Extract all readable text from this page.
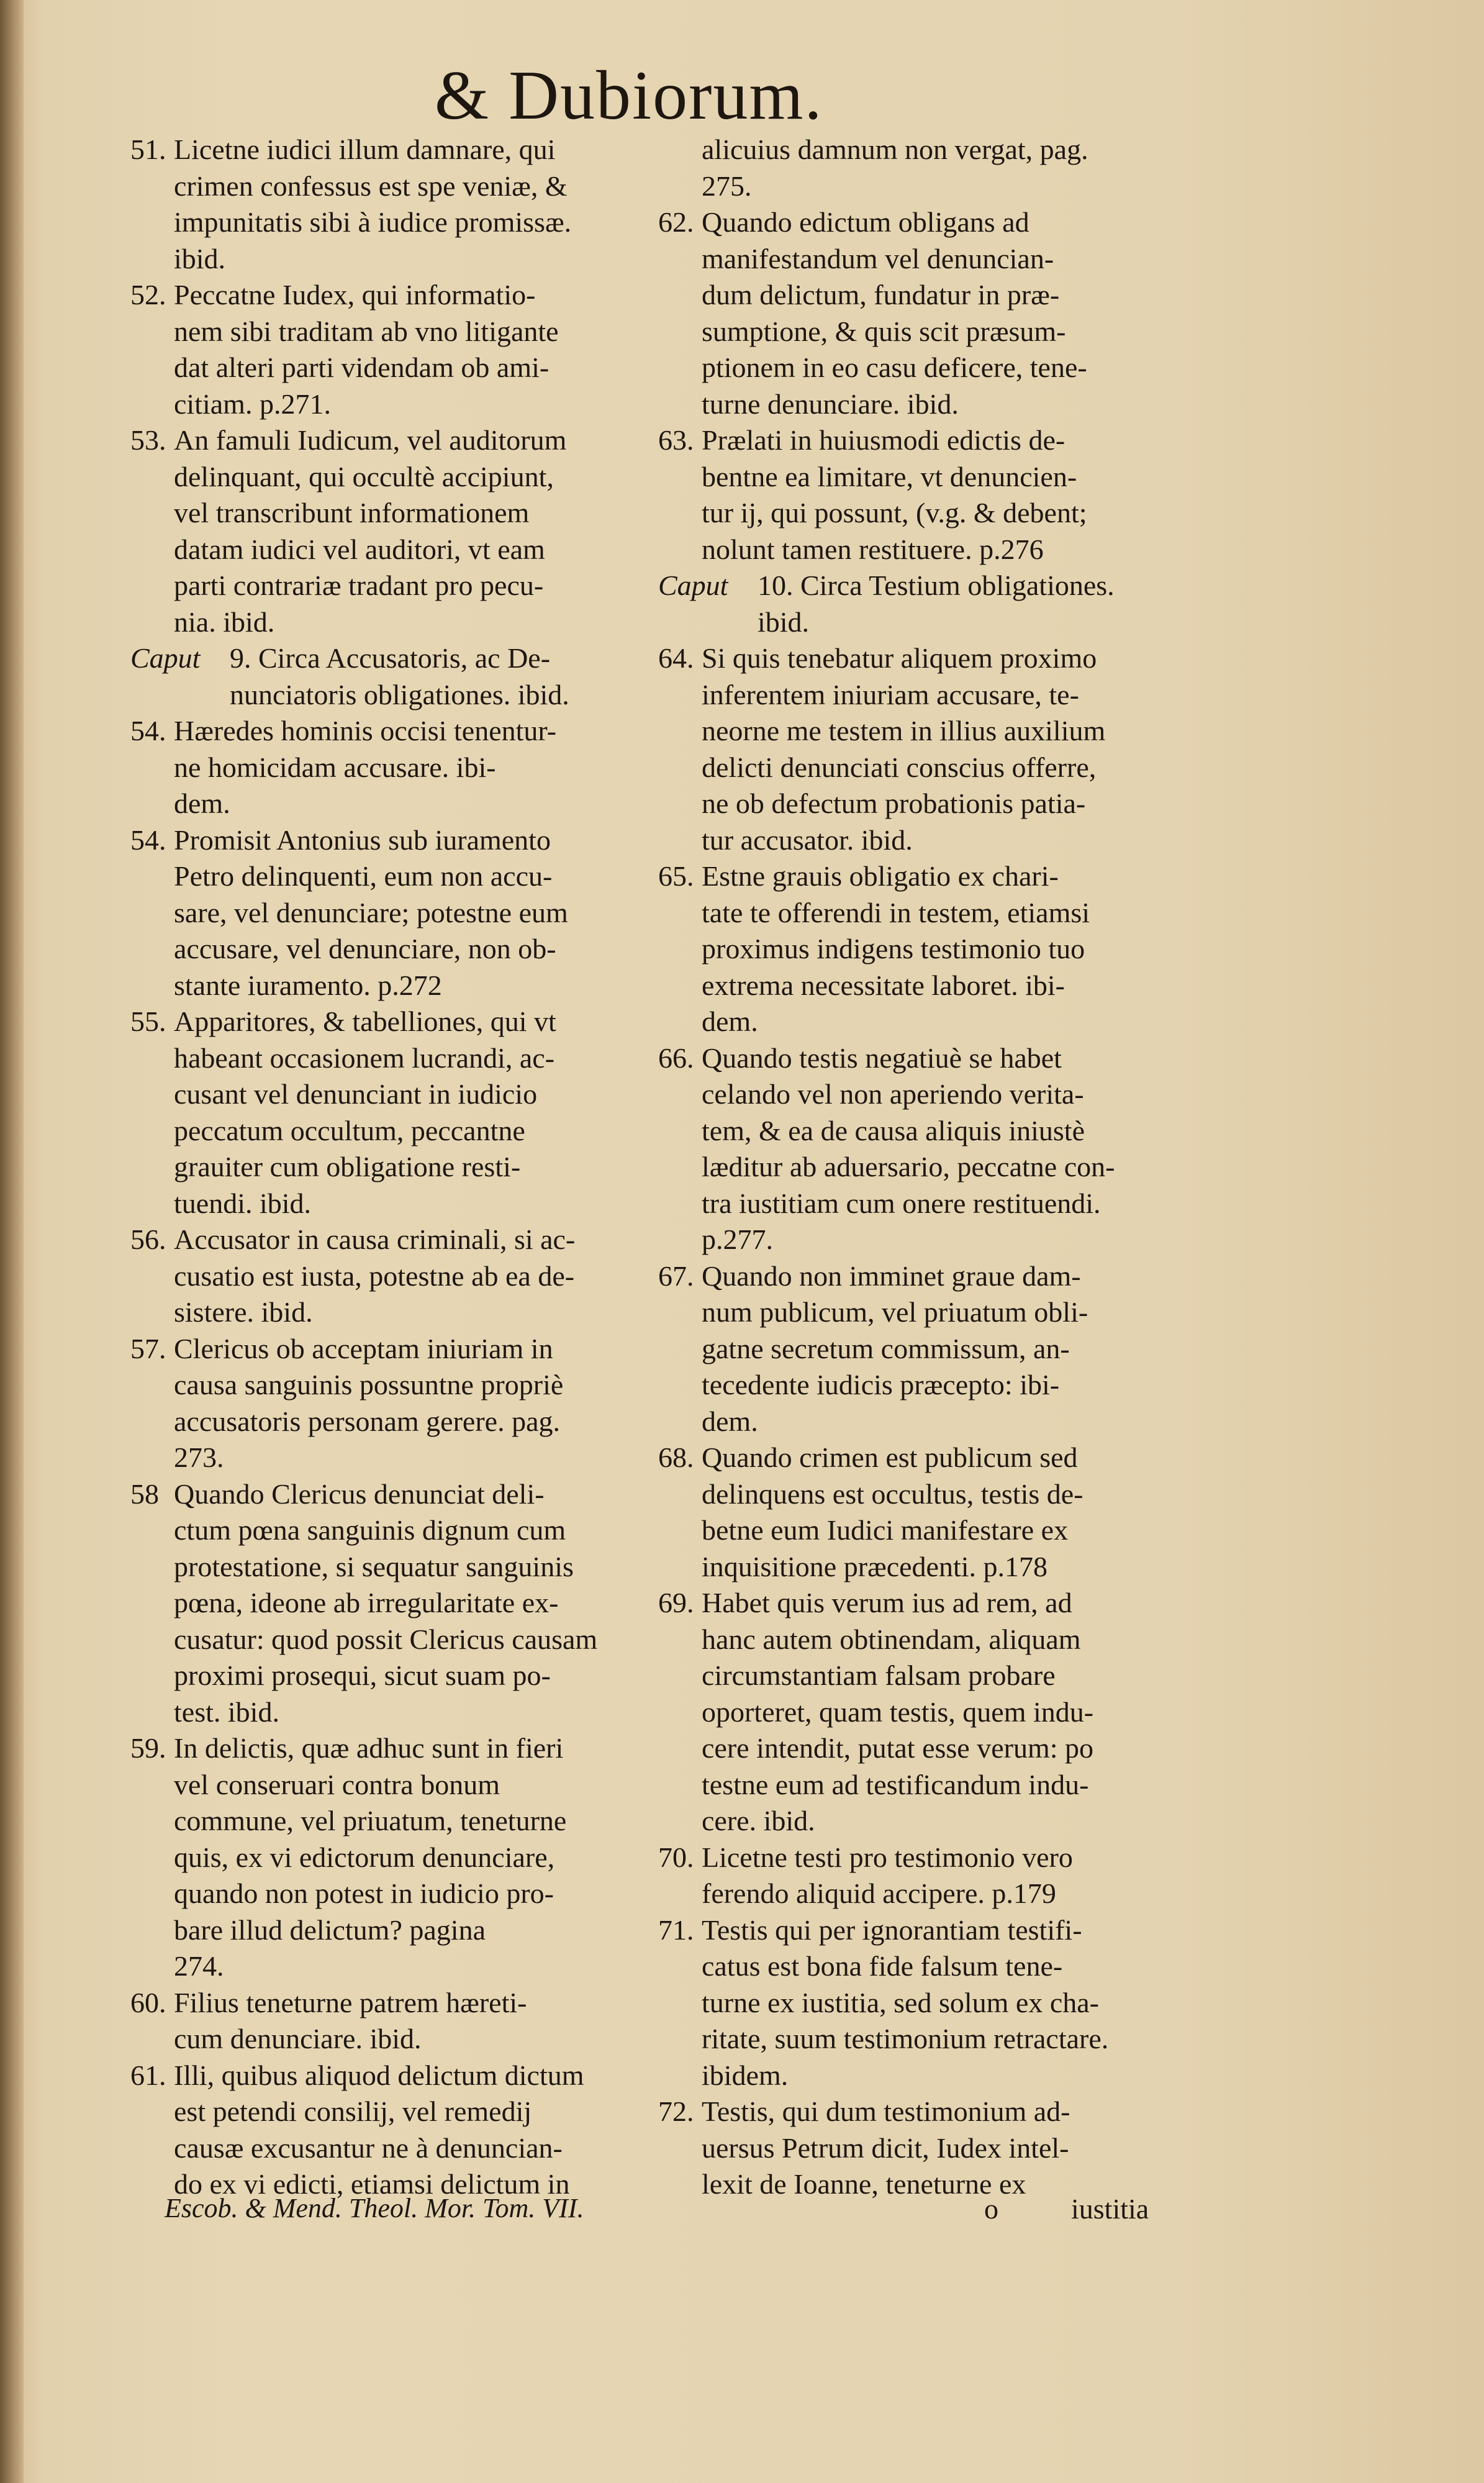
& Dubiorum.
51. Licetne iudici illum damnare, qui
crimen confessus est spe veniæ, &
impunitatis sibi à iudice promissæ.
ibid.
52. Peccatne Iudex, qui informatio-
nem sibi traditam ab vno litigante
dat alteri parti videndam ob ami-
citiam. p.271.
53. An famuli Iudicum, vel auditorum
delinquant, qui occultè accipiunt,
vel transcribunt informationem
datam iudici vel auditori, vt eam
parti contrariæ tradant pro pecu-
nia. ibid.
Caput 9. Circa Accusatoris, ac De-
nunciatoris obligationes. ibid.
54. Hæredes hominis occisi tenentur-
ne homicidam accusare. ibi-
dem.
54. Promisit Antonius sub iuramento
Petro delinquenti, eum non accu-
sare, vel denunciare; potestne eum
accusare, vel denunciare, non ob-
stante iuramento. p.272
55. Apparitores, & tabelliones, qui vt
habeant occasionem lucrandi, ac-
cusant vel denunciant in iudicio
peccatum occultum, peccantne
grauiter cum obligatione resti-
tuendi. ibid.
56. Accusator in causa criminali, si ac-
cusatio est iusta, potestne ab ea de-
sistere. ibid.
57. Clericus ob acceptam iniuriam in
causa sanguinis possuntne propriè
accusatoris personam gerere. pag.
273.
58 Quando Clericus denunciat deli-
ctum pœna sanguinis dignum cum
protestatione, si sequatur sanguinis
pœna, ideone ab irregularitate ex-
cusatur: quod possit Clericus causam
proximi prosequi, sicut suam po-
test. ibid.
59. In delictis, quæ adhuc sunt in fieri
vel conseruari contra bonum
commune, vel priuatum, teneturne
quis, ex vi edictorum denunciare,
quando non potest in iudicio pro-
bare illud delictum? pagina
274.
60. Filius teneturne patrem hæreti-
cum denunciare. ibid.
61. Illi, quibus aliquod delictum dictum
est petendi consilij, vel remedij
causæ excusantur ne à denuncian-
do ex vi edicti, etiamsi delictum in
alicuius damnum non vergat, pag.
275.
62. Quando edictum obligans ad
manifestandum vel denuncian-
dum delictum, fundatur in præ-
sumptione, & quis scit præsum-
ptionem in eo casu deficere, tene-
turne denunciare. ibid.
63. Prælati in huiusmodi edictis de-
bentne ea limitare, vt denuncien-
tur ij, qui possunt, (v.g. & debent;
nolunt tamen restituere. p.276
Caput 10. Circa Testium obligationes.
ibid.
64. Si quis tenebatur aliquem proximo
inferentem iniuriam accusare, te-
neorne me testem in illius auxilium
delicti denunciati conscius offerre,
ne ob defectum probationis patia-
tur accusator. ibid.
65. Estne grauis obligatio ex chari-
tate te offerendi in testem, etiamsi
proximus indigens testimonio tuo
extrema necessitate laboret. ibi-
dem.
66. Quando testis negatiuè se habet
celando vel non aperiendo verita-
tem, & ea de causa aliquis iniustè
læditur ab aduersario, peccatne con-
tra iustitiam cum onere restituendi.
p.277.
67. Quando non imminet graue dam-
num publicum, vel priuatum obli-
gatne secretum commissum, an-
tecedente iudicis præcepto: ibi-
dem.
68. Quando crimen est publicum sed
delinquens est occultus, testis de-
betne eum Iudici manifestare ex
inquisitione præcedenti. p.178
69. Habet quis verum ius ad rem, ad
hanc autem obtinendam, aliquam
circumstantiam falsam probare
oporteret, quam testis, quem indu-
cere intendit, putat esse verum: po
testne eum ad testificandum indu-
cere. ibid.
70. Licetne testi pro testimonio vero
ferendo aliquid accipere. p.179
71. Testis qui per ignorantiam testifi-
catus est bona fide falsum tene-
turne ex iustitia, sed solum ex cha-
ritate, suum testimonium retractare.
ibidem.
72. Testis, qui dum testimonium ad-
uersus Petrum dicit, Iudex intel-
lexit de Ioanne, teneturne ex
Escob. & Mend. Theol. Mor. Tom. VII.	o	iustitia
